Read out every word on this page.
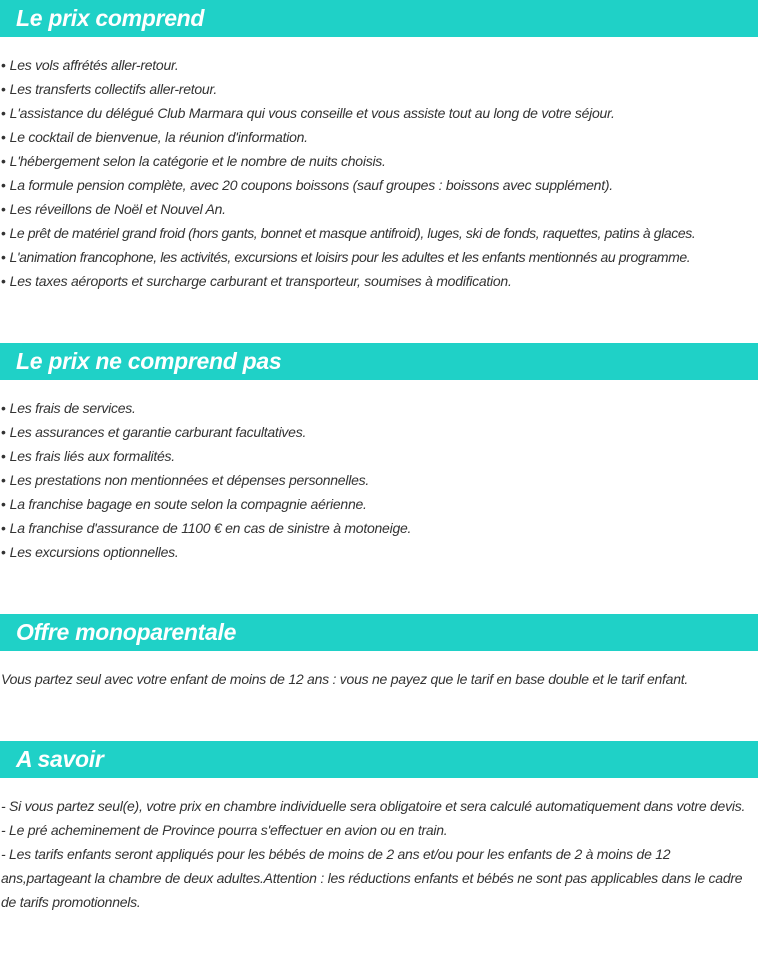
Le prix comprend
• Les vols affrétés aller-retour.
• Les transferts collectifs aller-retour.
• L'assistance du délégué Club Marmara qui vous conseille et vous assiste tout au long de votre séjour.
• Le cocktail de bienvenue, la réunion d'information.
• L'hébergement selon la catégorie et le nombre de nuits choisis.
• La formule pension complète, avec 20 coupons boissons (sauf groupes : boissons avec supplément).
• Les réveillons de Noël et Nouvel An.
• Le prêt de matériel grand froid (hors gants, bonnet et masque antifroid), luges, ski de fonds, raquettes, patins à glaces.
• L'animation francophone, les activités, excursions et loisirs pour les adultes et les enfants mentionnés au programme.
• Les taxes aéroports et surcharge carburant et transporteur, soumises à modification.
Le prix ne comprend pas
• Les frais de services.
• Les assurances et garantie carburant facultatives.
• Les frais liés aux formalités.
• Les prestations non mentionnées et dépenses personnelles.
• La franchise bagage en soute selon la compagnie aérienne.
• La franchise d'assurance de 1100 € en cas de sinistre à motoneige.
• Les excursions optionnelles.
Offre monoparentale

Vous partez seul avec votre enfant de moins de 12 ans : vous ne payez que le tarif en base double et le tarif enfant.

A savoir

- Si vous partez seul(e), votre prix en chambre individuelle sera obligatoire et sera calculé automatiquement dans votre devis.
- Le pré acheminement de Province pourra s'effectuer en avion ou en train.
- Les tarifs enfants seront appliqués pour les bébés de moins de 2 ans et/ou pour les enfants de 2 à moins de 12 ans,partageant la chambre de deux adultes.Attention : les réductions enfants et bébés ne sont pas applicables dans le cadre de tarifs promotionnels.
